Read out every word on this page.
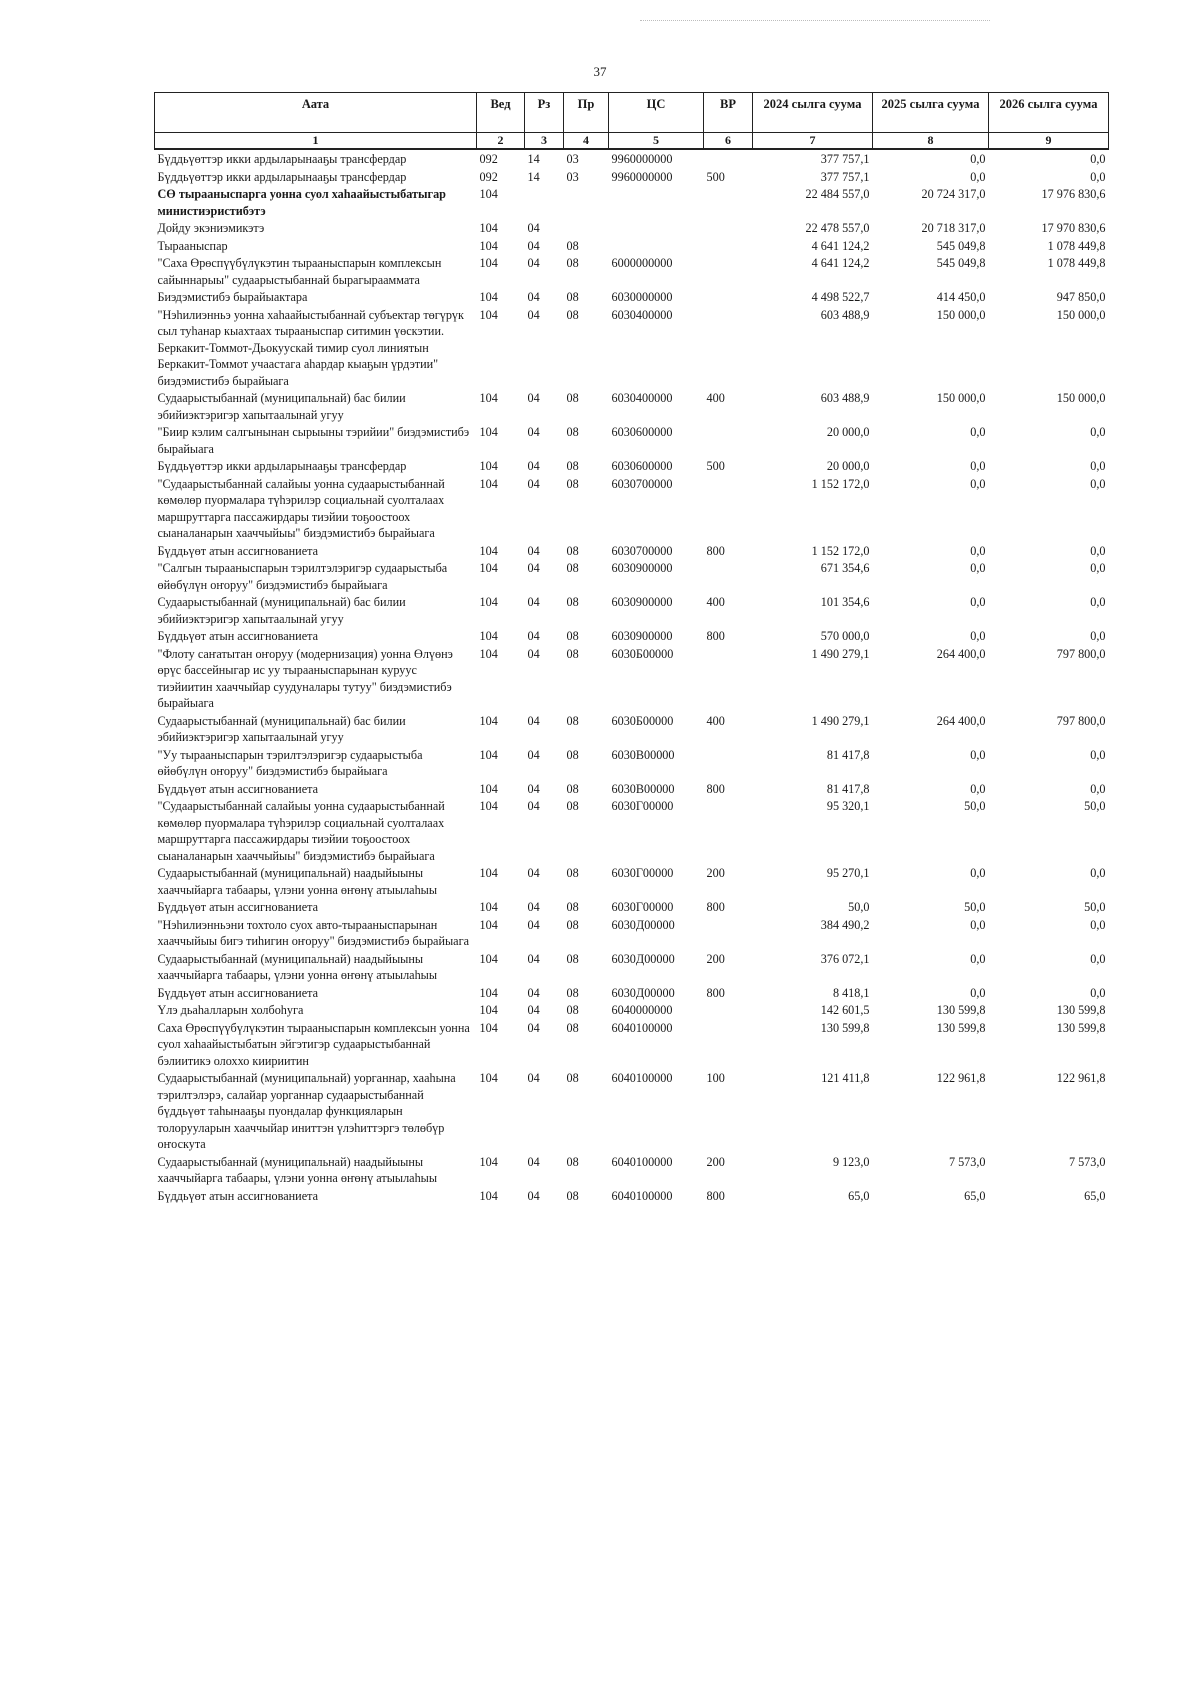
37
Аата	Вед	Рз	Пр	ЦС	ВР	2024 сылга суума	2025 сылга суума	2026 сылга суума
1	2	3	4	5	6	7	8	9
Бүддьүөттэр икки ардыларынааҕы трансфердар	092	14	03	9960000000		377 757,1	0,0	0,0
Бүддьүөттэр икки ардыларынааҕы трансфердар	092	14	03	9960000000	500	377 757,1	0,0	0,0
СӨ тырааныспарга уонна суол хаһаайыстыбатыгар министиэристибэтэ	104					22 484 557,0	20 724 317,0	17 976 830,6
Дойду экэниэмикэтэ	104	04				22 478 557,0	20 718 317,0	17 970 830,6
Тырааныспар	104	04	08			4 641 124,2	545 049,8	1 078 449,8
"Саха Өрөспүүбүлүкэтин тырааныспарын комплексын сайыннарыы" судаарыстыбаннай бырагырааммата	104	04	08	6000000000		4 641 124,2	545 049,8	1 078 449,8
Биэдэмистибэ бырайыактара	104	04	08	6030000000		4 498 522,7	414 450,0	947 850,0
"Нэһилиэнньэ уонна хаһаайыстыбаннай субъектар төгүрүк сыл туһанар кыахтаах тырааныспар ситимин үөскэтии. Беркакит-Томмот-Дьокуускай тимир суол линиятын Беркакит-Томмот учаастага аһардар кыаҕын үрдэтии" биэдэмистибэ бырайыага	104	04	08	6030400000		603 488,9	150 000,0	150 000,0
Судаарыстыбаннай (муниципальнай) бас билии эбийиэктэригэр хапытаалынай угуу	104	04	08	6030400000	400	603 488,9	150 000,0	150 000,0
"Биир кэлим салгынынан сырыыны тэрийии" биэдэмистибэ бырайыага	104	04	08	6030600000		20 000,0	0,0	0,0
Бүддьүөттэр икки ардыларынааҕы трансфердар	104	04	08	6030600000	500	20 000,0	0,0	0,0
"Судаарыстыбаннай салайыы уонна судаарыстыбаннай көмөлөр пуормалара түһэрилэр социальнай суолталаах маршруттарга пассажирдары тиэйии тоҕоостоох сыаналанарын хааччыйыы" биэдэмистибэ бырайыага	104	04	08	6030700000		1 152 172,0	0,0	0,0
Бүддьүөт атын ассигнованиета	104	04	08	6030700000	800	1 152 172,0	0,0	0,0
"Салгын тырааныспарын тэрилтэлэригэр судаарыстыба өйөбүлүн оҥоруу" биэдэмистибэ бырайыага	104	04	08	6030900000		671 354,6	0,0	0,0
Судаарыстыбаннай (муниципальнай) бас билии эбийиэктэригэр хапытаалынай угуу	104	04	08	6030900000	400	101 354,6	0,0	0,0
Бүддьүөт атын ассигнованиета	104	04	08	6030900000	800	570 000,0	0,0	0,0
"Флоту саҥатытан оҥоруу (модернизация) уонна Өлүөнэ өрүс бассейныгар ис уу тырааныспарынан куруус тиэйиитин хааччыйар суудуналары тутуу" биэдэмистибэ бырайыага	104	04	08	6030Б00000		1 490 279,1	264 400,0	797 800,0
Судаарыстыбаннай (муниципальнай) бас билии эбийиэктэригэр хапытаалынай угуу	104	04	08	6030Б00000	400	1 490 279,1	264 400,0	797 800,0
"Уу тырааныспарын тэрилтэлэригэр судаарыстыба өйөбүлүн оҥоруу" биэдэмистибэ бырайыага	104	04	08	6030В00000		81 417,8	0,0	0,0
Бүддьүөт атын ассигнованиета	104	04	08	6030В00000	800	81 417,8	0,0	0,0
"Судаарыстыбаннай салайыы уонна судаарыстыбаннай көмөлөр пуормалара түһэрилэр социальнай суолталаах маршруттарга пассажирдары тиэйии тоҕоостоох сыаналанарын хааччыйыы" биэдэмистибэ бырайыага	104	04	08	6030Г00000		95 320,1	50,0	50,0
Судаарыстыбаннай (муниципальнай) наадыйыыны хааччыйарга табаары, үлэни уонна өҥөнү атыылаһыы	104	04	08	6030Г00000	200	95 270,1	0,0	0,0
Бүддьүөт атын ассигнованиета	104	04	08	6030Г00000	800	50,0	50,0	50,0
"Нэһилиэнньэни тохтоло суох авто-тырааныспарынан хааччыйыы бигэ тиһигин оҥоруу" биэдэмистибэ бырайыага	104	04	08	6030Д00000		384 490,2	0,0	0,0
Судаарыстыбаннай (муниципальнай) наадыйыыны хааччыйарга табаары, үлэни уонна өҥөнү атыылаһыы	104	04	08	6030Д00000	200	376 072,1	0,0	0,0
Бүддьүөт атын ассигнованиета	104	04	08	6030Д00000	800	8 418,1	0,0	0,0
Үлэ дьаһалларын холбоһуга	104	04	08	6040000000		142 601,5	130 599,8	130 599,8
Саха Өрөспүүбүлүкэтин тырааныспарын комплексын уонна суол хаһаайыстыбатын эйгэтигэр судаарыстыбаннай бэлиитикэ олоххо киириитин	104	04	08	6040100000		130 599,8	130 599,8	130 599,8
Судаарыстыбаннай (муниципальнай) уорганнар, хааһына тэрилтэлэрэ, салайар уорганнар судаарыстыбаннай бүддьүөт таһынааҕы пуондалар функцияларын толорууларын хааччыйар иниттэн үлэһиттэргэ төлөбүр оҥоскута	104	04	08	6040100000	100	121 411,8	122 961,8	122 961,8
Судаарыстыбаннай (муниципальнай) наадыйыыны хааччыйарга табаары, үлэни уонна өҥөнү атыылаһыы	104	04	08	6040100000	200	9 123,0	7 573,0	7 573,0
Бүддьүөт атын ассигнованиета	104	04	08	6040100000	800	65,0	65,0	65,0
